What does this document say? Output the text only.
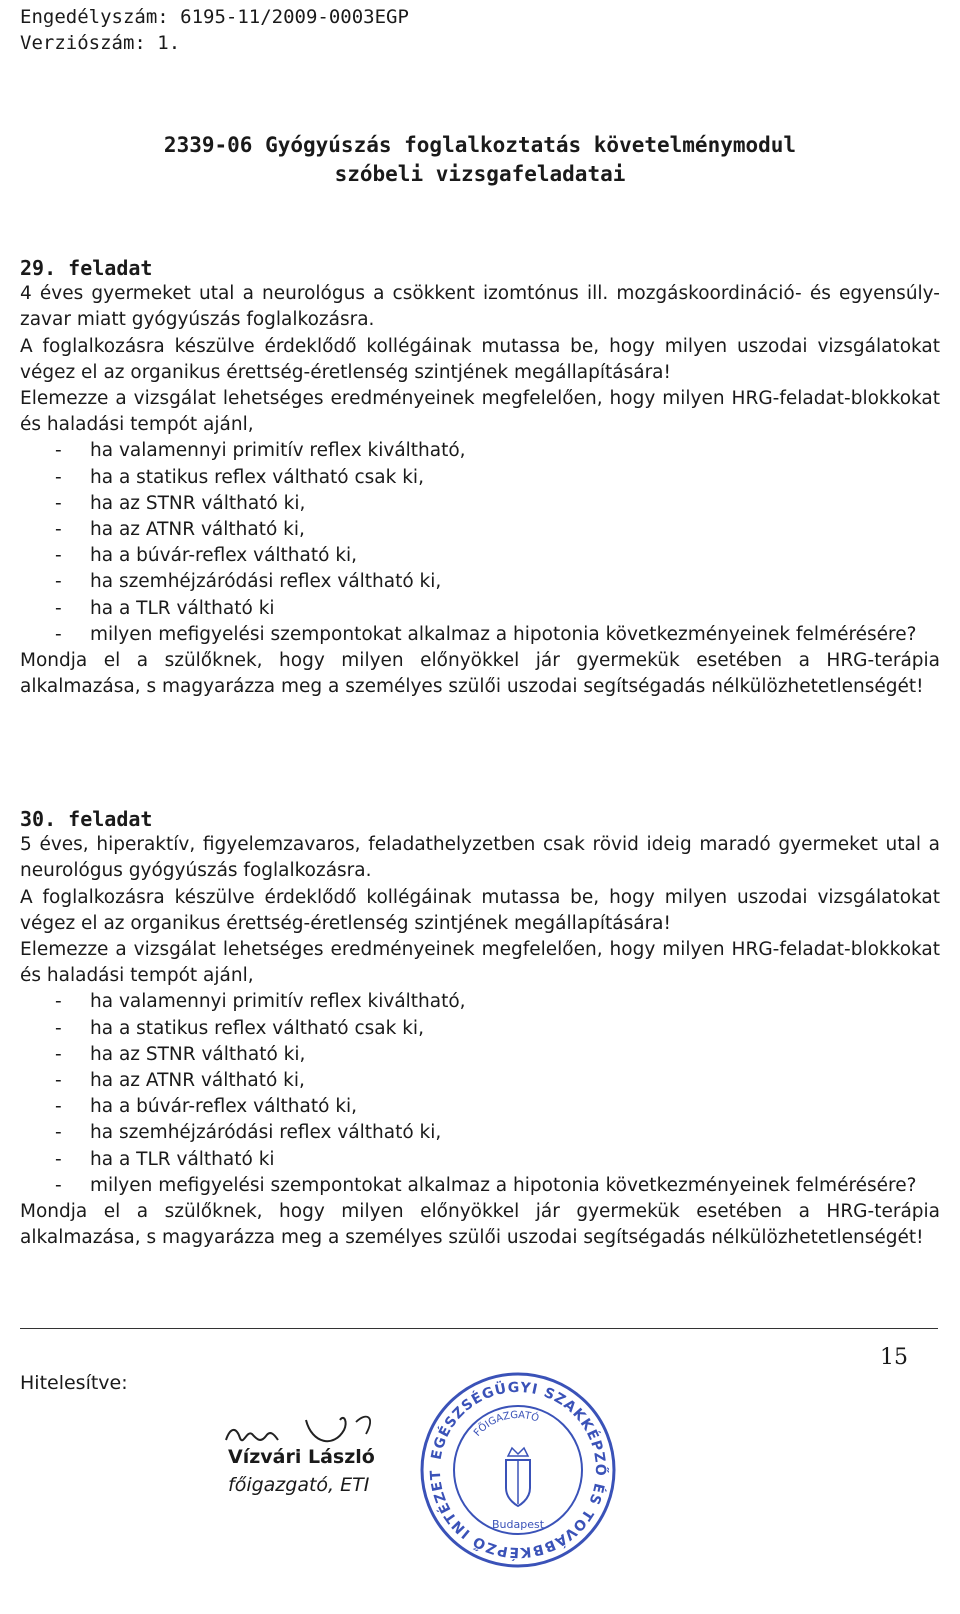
Engedélyszám: 6195-11/2009-0003EGP
Verziószám: 1.
2339-06 Gyógyúszás foglalkoztatás követelménymodul
szóbeli vizsgafeladatai
29. feladat

4 éves gyermeket utal a neurológus a csökkent izomtónus ill. mozgáskoordináció- és egyensúly-zavar miatt gyógyúszás foglalkozásra.

A foglalkozásra készülve érdeklődő kollégáinak mutassa be, hogy milyen uszodai vizsgálatokat végez el az organikus érettség-éretlenség szintjének megállapítására!

Elemezze a vizsgálat lehetséges eredményeinek megfelelően, hogy milyen HRG-feladat-blokkokat és haladási tempót ajánl,

- ha valamennyi primitív reflex kiváltható,
- ha a statikus reflex váltható csak ki,
- ha az STNR váltható ki,
- ha az ATNR váltható ki,
- ha a búvár-reflex váltható ki,
- ha szemhéjzáródási reflex váltható ki,
- ha a TLR váltható ki
- milyen mefigyelési szempontokat alkalmaz a hipotonia következményeinek felmérésére?

Mondja el a szülőknek, hogy milyen előnyökkel jár gyermekük esetében a HRG-terápia alkalmazása, s magyarázza meg a személyes szülői uszodai segítségadás nélkülözhetetlenségét!

30. feladat

5 éves, hiperaktív, figyelemzavaros, feladathelyzetben csak rövid ideig maradó gyermeket utal a neurológus gyógyúszás foglalkozásra.

A foglalkozásra készülve érdeklődő kollégáinak mutassa be, hogy milyen uszodai vizsgálatokat végez el az organikus érettség-éretlenség szintjének megállapítására!

Elemezze a vizsgálat lehetséges eredményeinek megfelelően, hogy milyen HRG-feladat-blokkokat és haladási tempót ajánl,

- ha valamennyi primitív reflex kiváltható,
- ha a statikus reflex váltható csak ki,
- ha az STNR váltható ki,
- ha az ATNR váltható ki,
- ha a búvár-reflex váltható ki,
- ha szemhéjzáródási reflex váltható ki,
- ha a TLR váltható ki
- milyen mefigyelési szempontokat alkalmaz a hipotonia következményeinek felmérésére?

Mondja el a szülőknek, hogy milyen előnyökkel jár gyermekük esetében a HRG-terápia alkalmazása, s magyarázza meg a személyes szülői uszodai segítségadás nélkülözhetetlenségét!

15
Hitelesítve:
Vízvári László
főigazgató, ETI
EGÉSZSÉGÜGYI SZAKKÉPZŐ ÉS TOVÁBBKÉPZŐ INTÉZET
FŐIGAZGATÓ
Budapest
